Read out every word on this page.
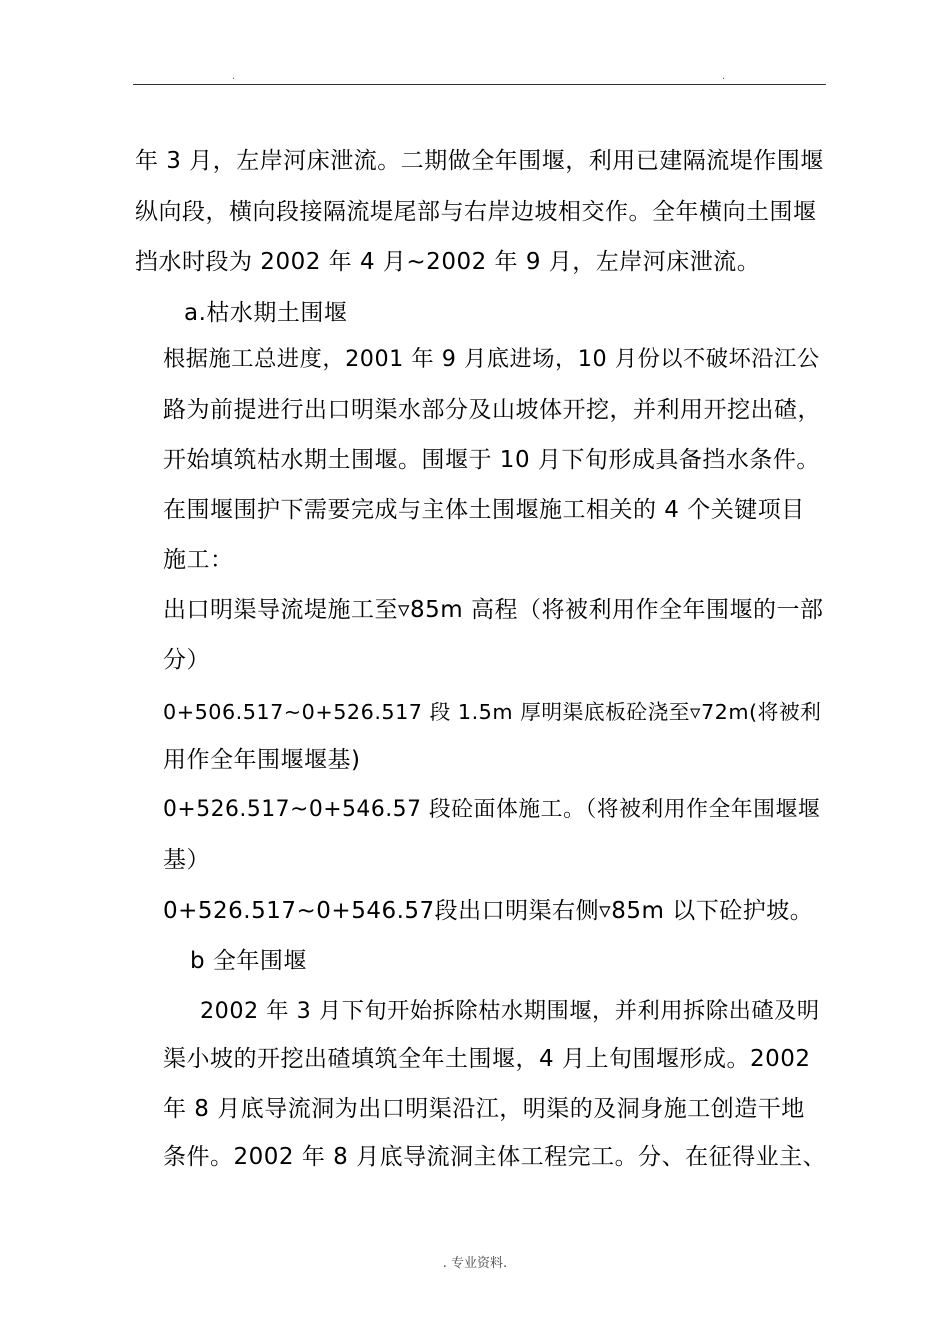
.	.
年 3 月，左岸河床泄流。二期做全年围堰，利用已建隔流堤作围堰
纵向段，横向段接隔流堤尾部与右岸边坡相交作。全年横向土围堰
挡水时段为 2002 年 4 月~2002 年 9 月，左岸河床泄流。
a.枯水期土围堰
根据施工总进度，2001 年 9 月底进场，10 月份以不破坏沿江公
路为前提进行出口明渠水部分及山坡体开挖，并利用开挖出碴，
开始填筑枯水期土围堰。围堰于 10 月下旬形成具备挡水条件。
在围堰围护下需要完成与主体土围堰施工相关的 4 个关键项目
施工：
出口明渠导流堤施工至▿85m 高程（将被利用作全年围堰的一部
分）
0+506.517~0+526.517 段 1.5m 厚明渠底板砼浇至▿72m(将被利
用作全年围堰堰基)
0+526.517~0+546.57 段砼面体施工。（将被利用作全年围堰堰
基）
0+526.517~0+546.57段出口明渠右侧▿85m 以下砼护坡。
b 全年围堰
2002 年 3 月下旬开始拆除枯水期围堰，并利用拆除出碴及明
渠小坡的开挖出碴填筑全年土围堰，4 月上旬围堰形成。2002
年 8 月底导流洞为出口明渠沿江，明渠的及洞身施工创造干地
条件。2002 年 8 月底导流洞主体工程完工。分、在征得业主、
. 专业资料.
